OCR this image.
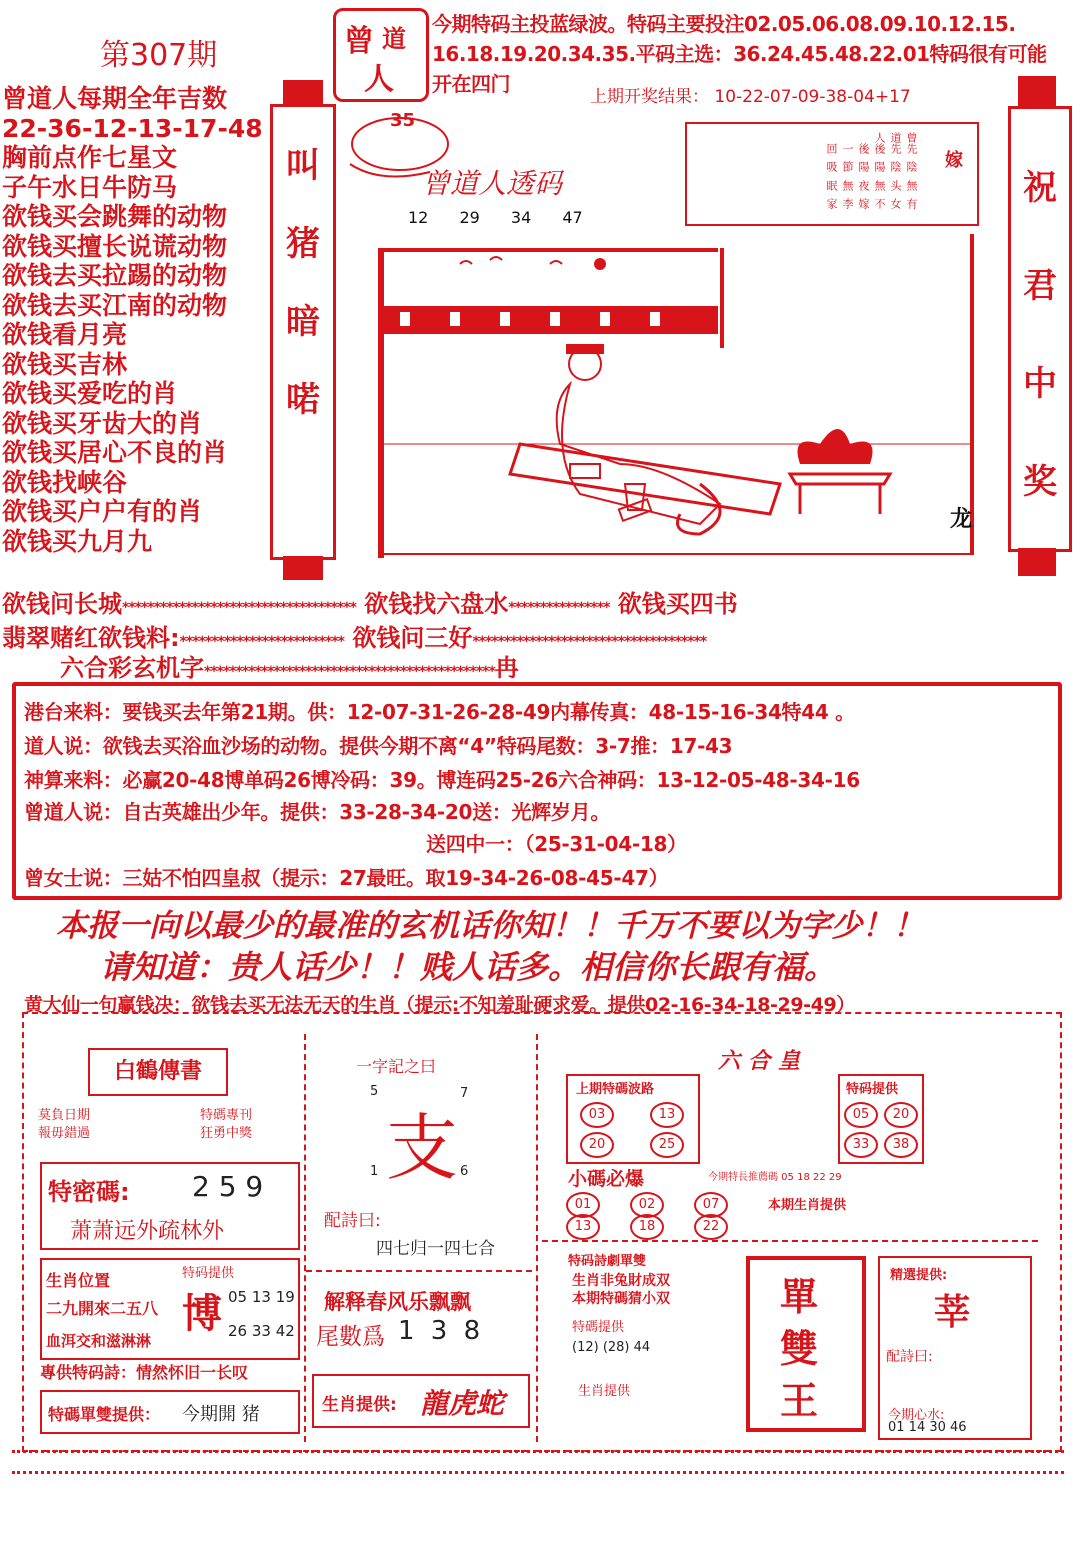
第307期	曾 道
人
今期特码主投蓝绿波。特码主要投注02.05.06.08.09.10.12.15.
16.18.19.20.34.35.平码主选：36.24.45.48.22.01特码很有可能
开在四门
上期开奖结果： 10-22-07-09-38-04+17
曾道人每期全年吉数
22-36-12-13-17-48
胸前点作七星文
子午水日牛防马
欲钱买会跳舞的动物
欲钱买擅长说谎动物
欲钱去买拉踢的动物
欲钱去买江南的动物
欲钱看月亮
欲钱买吉林
欲钱买爱吃的肖
欲钱买牙齿大的肖
欲钱买居心不良的肖
欲钱找峡谷
欲钱买户户有的肖
欲钱买九月九
叫
猪
暗
喏
祝
君
中
奖
35
曾道人透码
12 29 34 47
嫁
有女不嫁李家
無头無夜無眠
陰陰陽陽節吸
先先後後一回
曾道人
龙
欲钱问长城************************************* 欲钱找六盘水**************** 欲钱买四书
翡翠赌红欲钱料:************************** 欲钱问三好*************************************
六合彩玄机字**********************************************冉
港台来料：要钱买去年第21期。供：12-07-31-26-28-49内幕传真：48-15-16-34特44 。
道人说：欲钱去买浴血沙场的动物。提供今期不离“4”特码尾数：3-7推：17-43
神算来料：必赢20-48博单码26博冷码：39。博连码25-26六合神码：13-12-05-48-34-16
曾道人说：自古英雄出少年。提供：33-28-34-20送：光辉岁月。
送四中一：（25-31-04-18）
曾女士说：三姑不怕四皇叔（提示：27最旺。取19-34-26-08-45-47）
本报一向以最少的最准的玄机话你知！！千万不要以为字少！！
请知道：贵人话少！！贱人话多。相信你长跟有福。
黄大仙一句赢钱决：欲钱去买无法无天的生肖（提示:不知羞耻硬求爱。提供02-16-34-18-29-49）
白鶴傳書
莫負日期
報毋錯過
特碼專刊
狂勇中獎
特密碼: 2 5 9
萧萧远外疏林外
生肖位置
二九開來二五八
血洱交和滋淋淋
特码提供
博 05 13 19
26 33 42
專供特码詩：情然怀旧一长叹
特碼單雙提供： 今期開 猪
一字記之曰
5	7
支
1	6
配詩曰:
四七归一四七合
解释春风乐飘飘
尾數爲 1 3 8
生肖提供: 龍虎蛇
六合皇
上期特碼波路
03	13
20	25
特码提供
05	20
33	38
小碼必爆	今期特長推薦碼 05 18 22 29
01	02	07
13	18	22
本期生肖提供
特码詩劇單雙
生肖非兔財成双
本期特碼猜小双
特碼提供
(12) (28) 44
生肖提供
單
雙
王
精選提供:
莘
配詩曰:
今期心水:
01 14 30 46
